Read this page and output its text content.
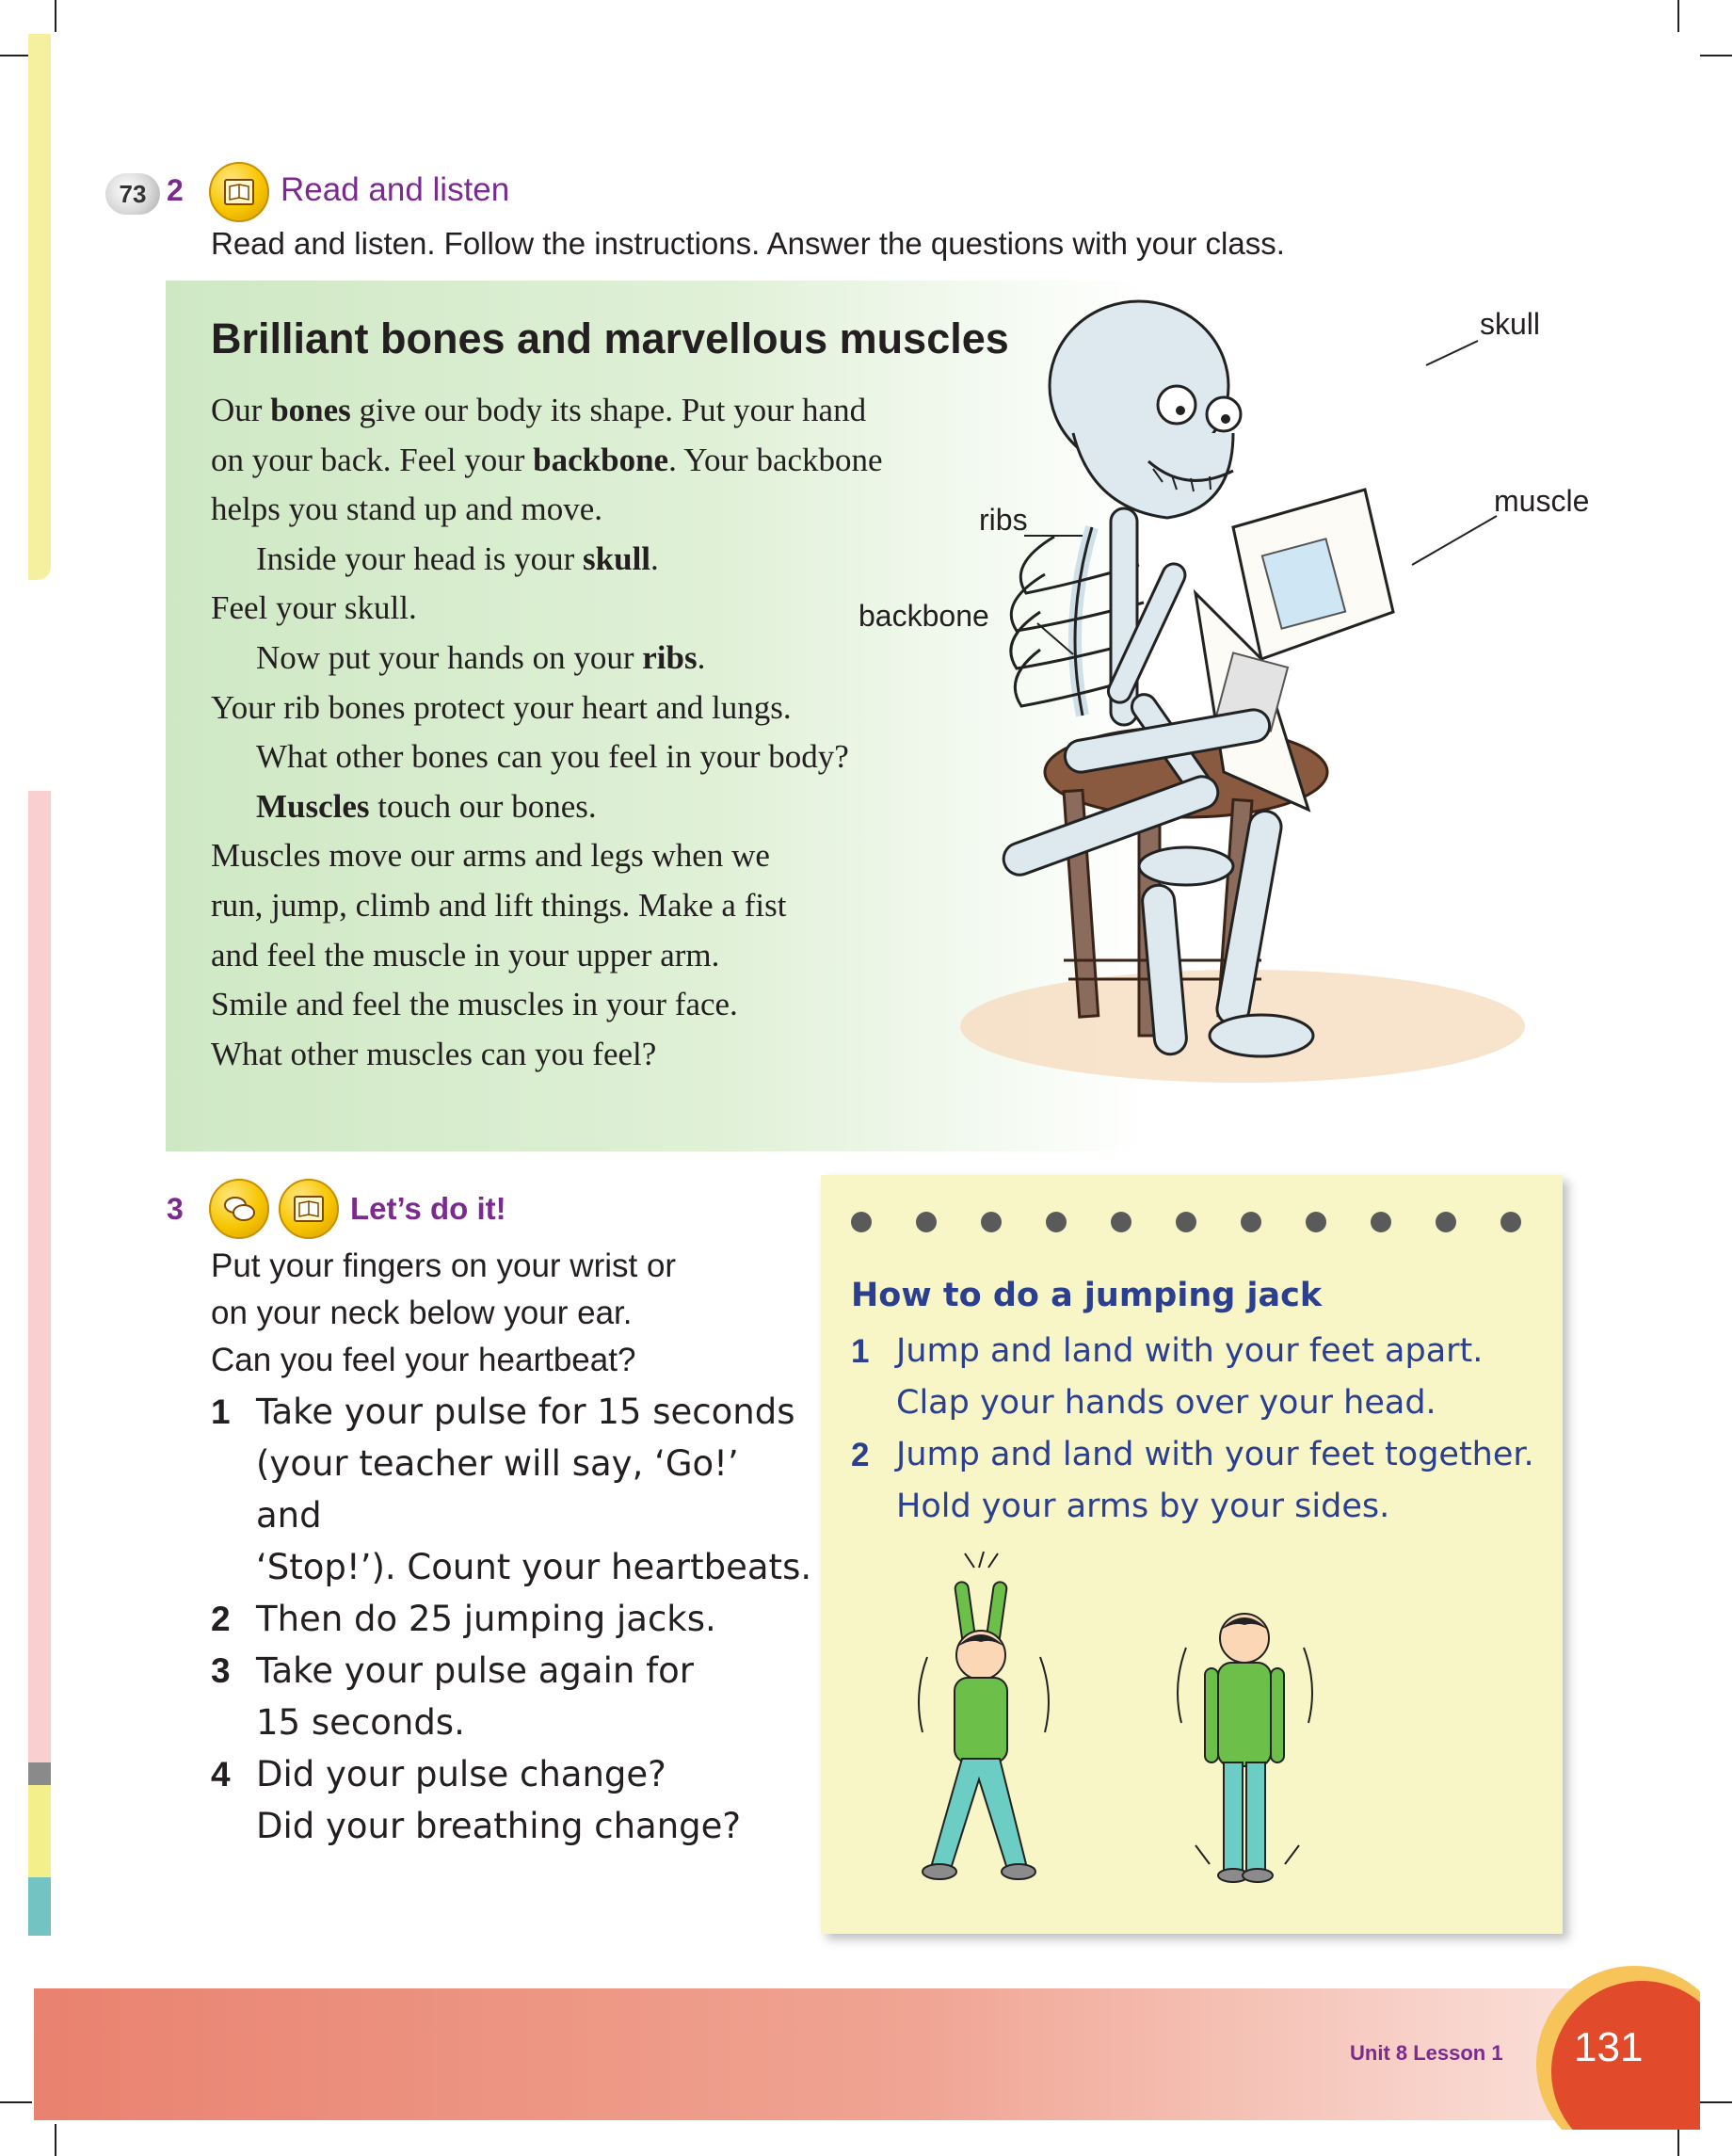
73 2	Read and listen
Read and listen. Follow the instructions. Answer the questions with your class.
Brilliant bones and marvellous muscles

Our bones give our body its shape. Put your hand

on your back. Feel your backbone. Your backbone

helps you stand up and move.

Inside your head is your skull.

Feel your skull.

Now put your hands on your ribs.

Your rib bones protect your heart and lungs.

What other bones can you feel in your body?

Muscles touch our bones.

Muscles move our arms and legs when we

run, jump, climb and lift things. Make a fist

and feel the muscle in your upper arm.

Smile and feel the muscles in your face.

What other muscles can you feel?

skull
ribs
muscle
backbone
3	Let’s do it!
Put your fingers on your wrist or
on your neck below your ear.
Can you feel your heartbeat?
1 Take your pulse for 15 seconds
(your teacher will say, ‘Go!’ and
‘Stop!’). Count your heartbeats.
2 Then do 25 jumping jacks.
3 Take your pulse again for
15 seconds.
4 Did your pulse change?
Did your breathing change?
How to do a jumping jack
1 Jump and land with your feet apart.
Clap your hands over your head.
2 Jump and land with your feet together.
Hold your arms by your sides.
Unit 8 Lesson 1 131
